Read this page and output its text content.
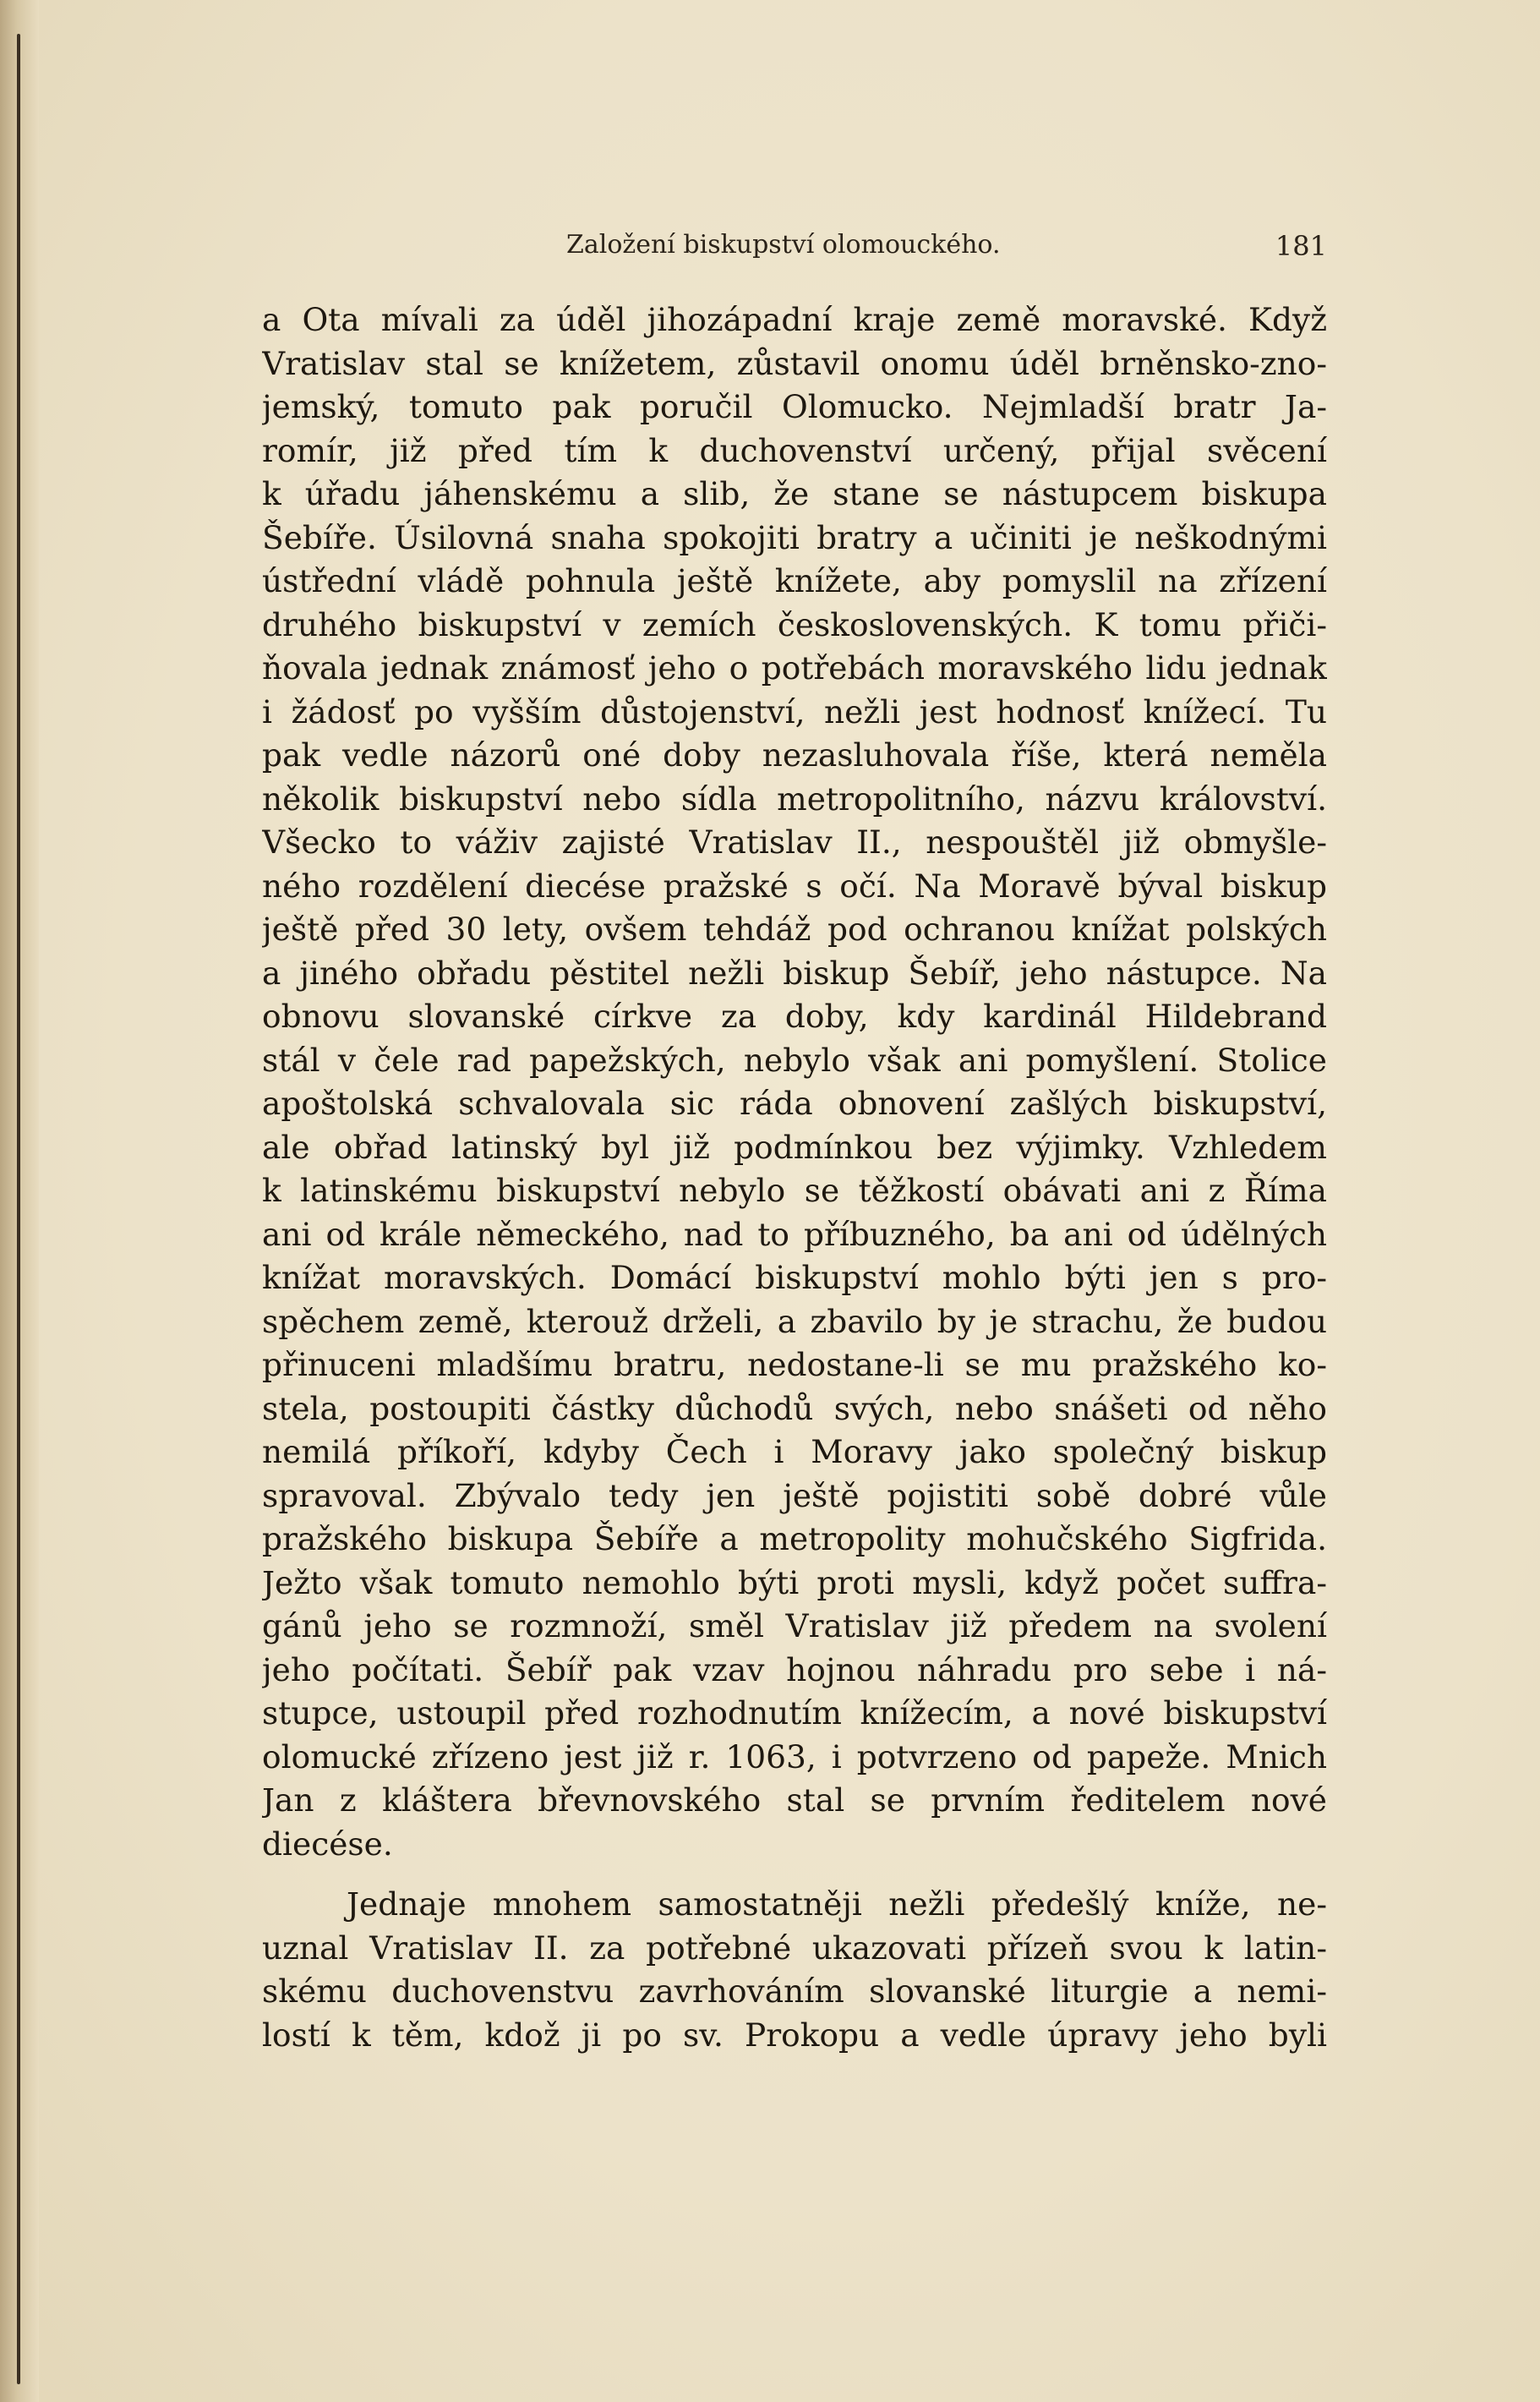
Založení biskupství olomouckého.	181
a Ota mívali za úděl jihozápadní kraje země moravské. Když
Vratislav stal se knížetem, zůstavil onomu úděl brněnsko-zno-
jemský, tomuto pak poručil Olomucko. Nejmladší bratr Ja-
romír, již před tím k duchovenství určený, přijal svěcení
k úřadu jáhenskému a slib, že stane se nástupcem biskupa
Šebíře. Úsilovná snaha spokojiti bratry a učiniti je neškodnými
ústřední vládě pohnula ještě knížete, aby pomyslil na zřízení
druhého biskupství v zemích československých. K tomu přiči-
ňovala jednak známosť jeho o potřebách moravského lidu jednak
i žádosť po vyšším důstojenství, nežli jest hodnosť knížecí. Tu
pak vedle názorů oné doby nezasluhovala říše, která neměla
několik biskupství nebo sídla metropolitního, názvu království.
Všecko to váživ zajisté Vratislav II., nespouštěl již obmyšle-
ného rozdělení diecése pražské s očí. Na Moravě býval biskup
ještě před 30 lety, ovšem tehdáž pod ochranou knížat polských
a jiného obřadu pěstitel nežli biskup Šebíř, jeho nástupce. Na
obnovu slovanské církve za doby, kdy kardinál Hildebrand
stál v čele rad papežských, nebylo však ani pomyšlení. Stolice
apoštolská schvalovala sic ráda obnovení zašlých biskupství,
ale obřad latinský byl již podmínkou bez výjimky. Vzhledem
k latinskému biskupství nebylo se těžkostí obávati ani z Říma
ani od krále německého, nad to příbuzného, ba ani od údělných
knížat moravských. Domácí biskupství mohlo býti jen s pro-
spěchem země, kterouž drželi, a zbavilo by je strachu, že budou
přinuceni mladšímu bratru, nedostane-li se mu pražského ko-
stela, postoupiti částky důchodů svých, nebo snášeti od něho
nemilá příkoří, kdyby Čech i Moravy jako společný biskup
spravoval. Zbývalo tedy jen ještě pojistiti sobě dobré vůle
pražského biskupa Šebíře a metropolity mohučského Sigfrida.
Ježto však tomuto nemohlo býti proti mysli, když počet suffra-
gánů jeho se rozmnoží, směl Vratislav již předem na svolení
jeho počítati. Šebíř pak vzav hojnou náhradu pro sebe i ná-
stupce, ustoupil před rozhodnutím knížecím, a nové biskupství
olomucké zřízeno jest již r. 1063, i potvrzeno od papeže. Mnich
Jan z kláštera břevnovského stal se prvním ředitelem nové
diecése.
Jednaje mnohem samostatněji nežli předešlý kníže, ne-
uznal Vratislav II. za potřebné ukazovati přízeň svou k latin-
skému duchovenstvu zavrhováním slovanské liturgie a nemi-
lostí k těm, kdož ji po sv. Prokopu a vedle úpravy jeho byli
